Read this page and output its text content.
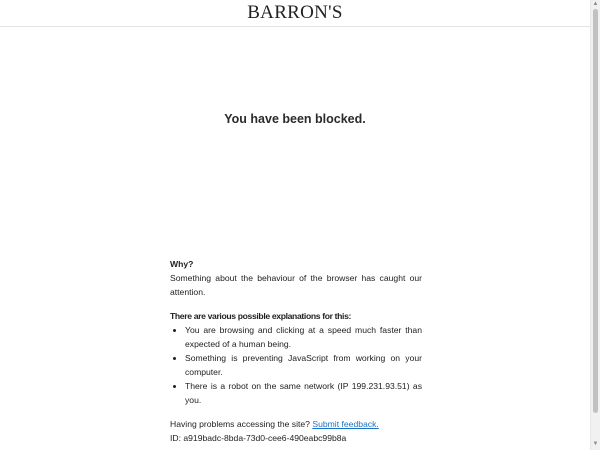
BARRON'S
You have been blocked.

Why?

Something about the behaviour of the browser has caught our attention.

There are various possible explanations for this:

• You are browsing and clicking at a speed much faster than expected of a human being.
• Something is preventing JavaScript from working on your computer.
• There is a robot on the same network (IP 199.231.93.51) as you.

Having problems accessing the site? Submit feedback.

ID: a919badc-8bda-73d0-cee6-490eabc99b8a

▲
▼
